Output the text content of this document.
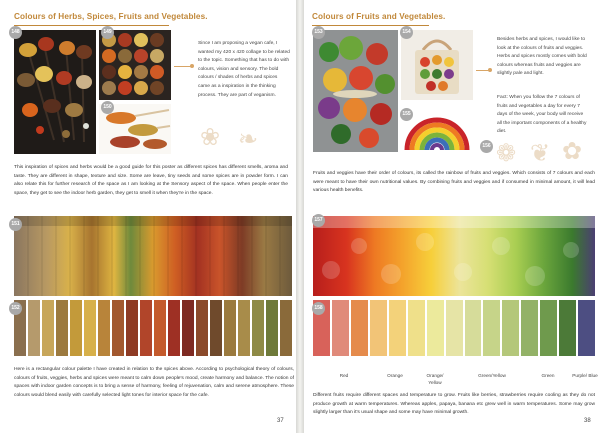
Colours of Herbs, Spices, Fruits and Vegetables.
148	149
150
Since I am proposing a vegan cafe, I wanted my 420 x 420 collage to be related to the topic. Something that has to do with colours, vision and sensory. The bold colours / shades of herbs and spices came as a inspiration in the thinking process. They are part of veganism.
❀ ❧
This inspiration of spices and herbs would be a good guide for this poster as different spices has different smells, aroma and taste. They are different in shape, texture and size. Some are leave, tiny seeds and some spices are in powder form. I can also relate this for further research of the space as I am looking at the Sensory aspect of the space. When people enter the space, they get to see the indoor herb garden, they get to smell it when they're in the space.
151
152
Here is a rectangular colour palette I have created in relation to the spices above. According to psychological theory of colours, colours of fruits, veggies, herbs and spices were meant to calm down people's mood, create harmony and balance. The notion of spaces with indoor garden concepts is to bring a sense of harmony, feeling of rejuvenation, calm and serene atmosphere. These colours would blend easily with carefully selected light tones for interior space for the cafe.
37
Colours of Fruits and Vegetables.
153	154
155
Besides herbs and spices, I would like to look at the colours of fruits and veggies. Herbs and spices mostly comes with bold colours whereas fruits and veggies are slightly pale and light.
Fact: When you follow the 7 colours of fruits and vegetables a day for every 7 days of the week, your body will receive all the important components of a healthy diet.
156 ❁ ❦ ✿
Fruits and veggies have their order of colours, its called the rainbow of fruits and veggies. Which consists of 7 colours and each were meant to have their own nutritional values. By combining fruits and veggies and if consumed in minimal amount, it will lead various health benefits.
157
158
Red	Orange	Orange/ Yellow
Green/Yellow	Green	Purple/ Blue
Different fruits require different spaces and temperature to grow. Fruits like berries, strawberries require cooling as they do not produce growth at warm temperatures. Whereas apples, papaya, banana etc grew well in warm temperatures. Some may grow slightly larger than it's usual shape and some may have minimal growth.
38
